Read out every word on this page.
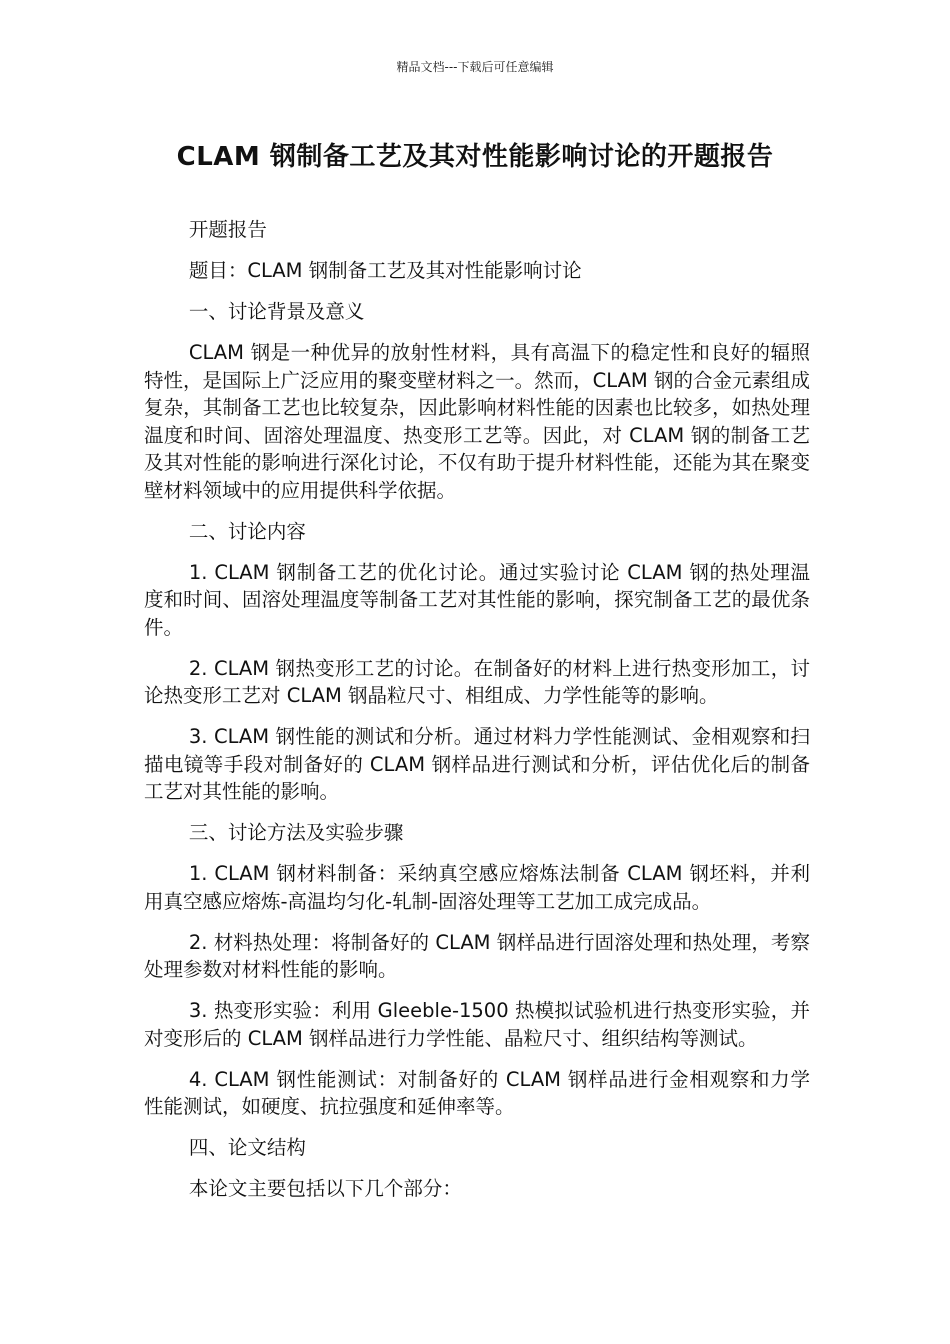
精品文档---下载后可任意编辑
CLAM 钢制备工艺及其对性能影响讨论的开题报告

开题报告

题目：CLAM 钢制备工艺及其对性能影响讨论

一、讨论背景及意义

CLAM 钢是一种优异的放射性材料，具有高温下的稳定性和良好的辐照特性，是国际上广泛应用的聚变壁材料之一。然而，CLAM 钢的合金元素组成复杂，其制备工艺也比较复杂，因此影响材料性能的因素也比较多，如热处理温度和时间、固溶处理温度、热变形工艺等。因此，对 CLAM 钢的制备工艺及其对性能的影响进行深化讨论，不仅有助于提升材料性能，还能为其在聚变壁材料领域中的应用提供科学依据。

二、讨论内容

1. CLAM 钢制备工艺的优化讨论。通过实验讨论 CLAM 钢的热处理温度和时间、固溶处理温度等制备工艺对其性能的影响，探究制备工艺的最优条件。

2. CLAM 钢热变形工艺的讨论。在制备好的材料上进行热变形加工，讨论热变形工艺对 CLAM 钢晶粒尺寸、相组成、力学性能等的影响。

3. CLAM 钢性能的测试和分析。通过材料力学性能测试、金相观察和扫描电镜等手段对制备好的 CLAM 钢样品进行测试和分析，评估优化后的制备工艺对其性能的影响。

三、讨论方法及实验步骤

1. CLAM 钢材料制备：采纳真空感应熔炼法制备 CLAM 钢坯料，并利用真空感应熔炼-高温均匀化-轧制-固溶处理等工艺加工成完成品。

2. 材料热处理：将制备好的 CLAM 钢样品进行固溶处理和热处理，考察处理参数对材料性能的影响。

3. 热变形实验：利用 Gleeble-1500 热模拟试验机进行热变形实验，并对变形后的 CLAM 钢样品进行力学性能、晶粒尺寸、组织结构等测试。

4. CLAM 钢性能测试：对制备好的 CLAM 钢样品进行金相观察和力学性能测试，如硬度、抗拉强度和延伸率等。

四、论文结构

本论文主要包括以下几个部分：
